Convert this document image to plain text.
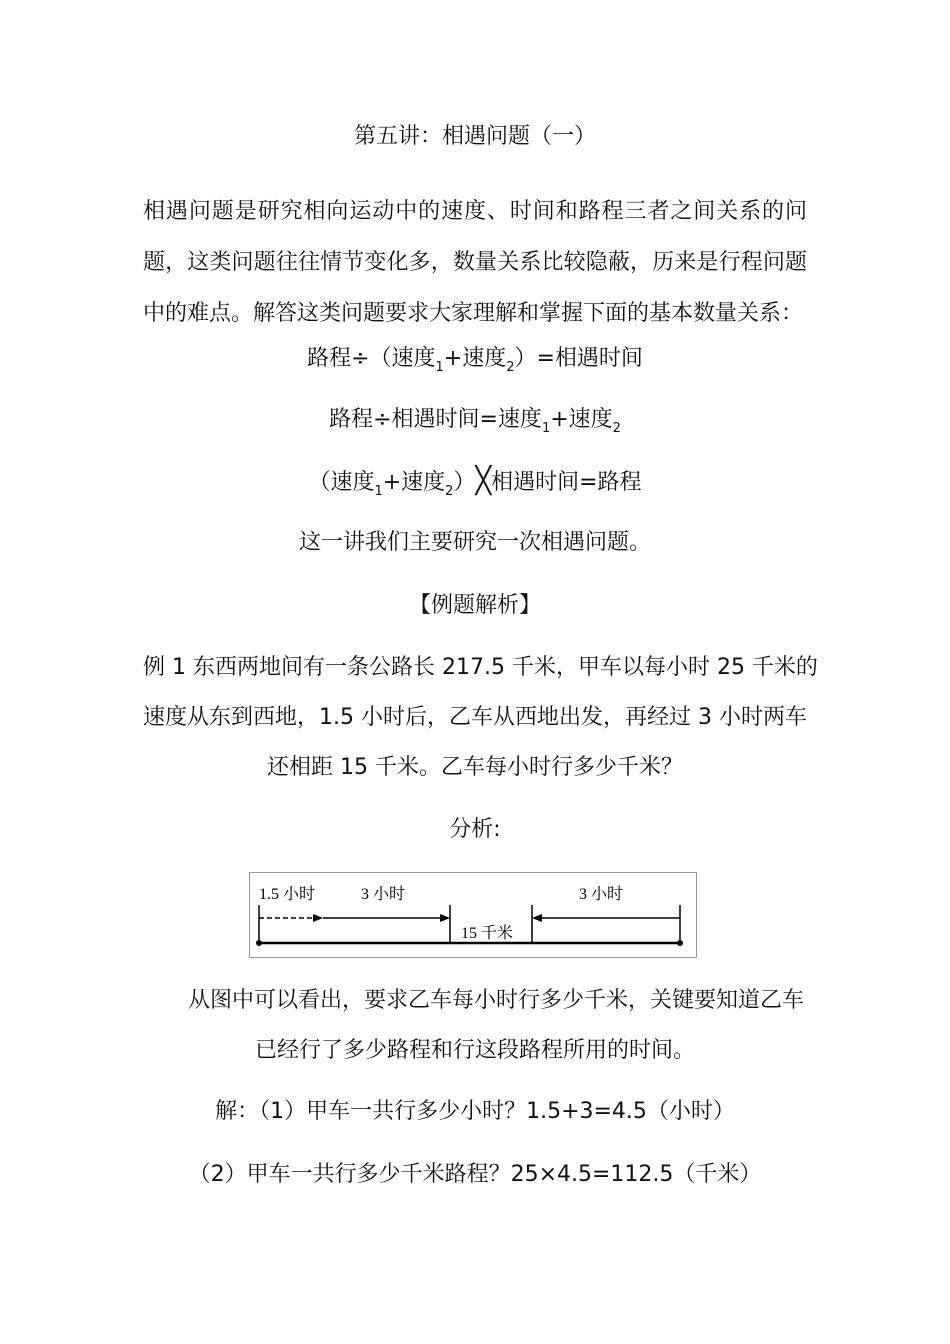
第五讲：相遇问题（一）
相遇问题是研究相向运动中的速度、时间和路程三者之间关系的问题，这类问题往往情节变化多，数量关系比较隐蔽，历来是行程问题中的难点。解答这类问题要求大家理解和掌握下面的基本数量关系：
路程÷（速度$_1$+速度$_2$）=相遇时间
路程÷相遇时间=速度$_1$+速度$_2$
（速度$_1$+速度$_2$）╳相遇时间=路程
这一讲我们主要研究一次相遇问题。
【例题解析】
例 1 东西两地间有一条公路长 217.5 千米，甲车以每小时 25 千米的
速度从东到西地，1.5 小时后，乙车从西地出发，再经过 3 小时两车
还相距 15 千米。乙车每小时行多少千米？
分析:
1.5 小时	3 小时	3 小时
15 千米
从图中可以看出，要求乙车每小时行多少千米，关键要知道乙车
已经行了多少路程和行这段路程所用的时间。
解：（1）甲车一共行多少小时？1.5+3=4.5（小时）
（2）甲车一共行多少千米路程？25×4.5=112.5（千米）
